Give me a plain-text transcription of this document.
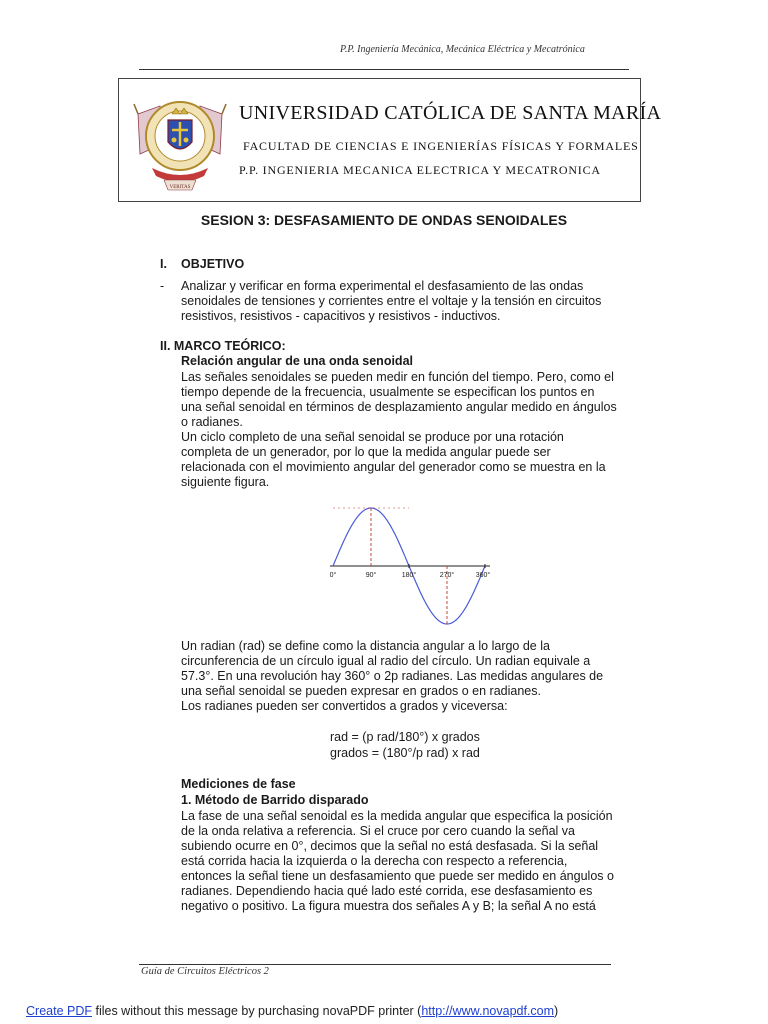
P.P. Ingeniería Mecánica, Mecánica Eléctrica y Mecatrónica
VERITAS
UNIVERSIDAD CATÓLICA DE SANTA MARÍA
FACULTAD DE CIENCIAS E INGENIERÍAS FÍSICAS Y FORMALES
P.P. INGENIERIA MECANICA ELECTRICA Y MECATRONICA
SESION 3: DESFASAMIENTO DE ONDAS SENOIDALES
I. OBJETIVO
- Analizar y verificar en forma experimental el desfasamiento de las ondas
senoidales de tensiones y corrientes entre el voltaje y la tensión en circuitos
resistivos, resistivos - capacitivos y resistivos - inductivos.
II. MARCO TEÓRICO:
Relación angular de una onda senoidal
Las señales senoidales se pueden medir en función del tiempo. Pero, como el
tiempo depende de la frecuencia, usualmente se especifican los puntos en
una señal senoidal en términos de desplazamiento angular medido en ángulos
o radianes.
Un ciclo completo de una señal senoidal se produce por una rotación
completa de un generador, por lo que la medida angular puede ser
relacionada con el movimiento angular del generador como se muestra en la
siguiente figura.
0°	90°	180°	270°	360°
Un radian (rad) se define como la distancia angular a lo largo de la
circunferencia de un círculo igual al radio del círculo. Un radian equivale a
57.3°. En una revolución hay 360° o 2p radianes. Las medidas angulares de
una señal senoidal se pueden expresar en grados o en radianes.
Los radianes pueden ser convertidos a grados y viceversa:
rad = (p rad/180°) x grados
grados = (180°/p rad) x rad
Mediciones de fase
1. Método de Barrido disparado
La fase de una señal senoidal es la medida angular que especifica la posición
de la onda relativa a referencia. Si el cruce por cero cuando la señal va
subiendo ocurre en 0°, decimos que la señal no está desfasada. Si la señal
está corrida hacia la izquierda o la derecha con respecto a referencia,
entonces la señal tiene un desfasamiento que puede ser medido en ángulos o
radianes. Dependiendo hacia qué lado esté corrida, ese desfasamiento es
negativo o positivo. La figura muestra dos señales A y B; la señal A no está
Guía de Circuitos Eléctricos 2
Create PDF files without this message by purchasing novaPDF printer (http://www.novapdf.com)
